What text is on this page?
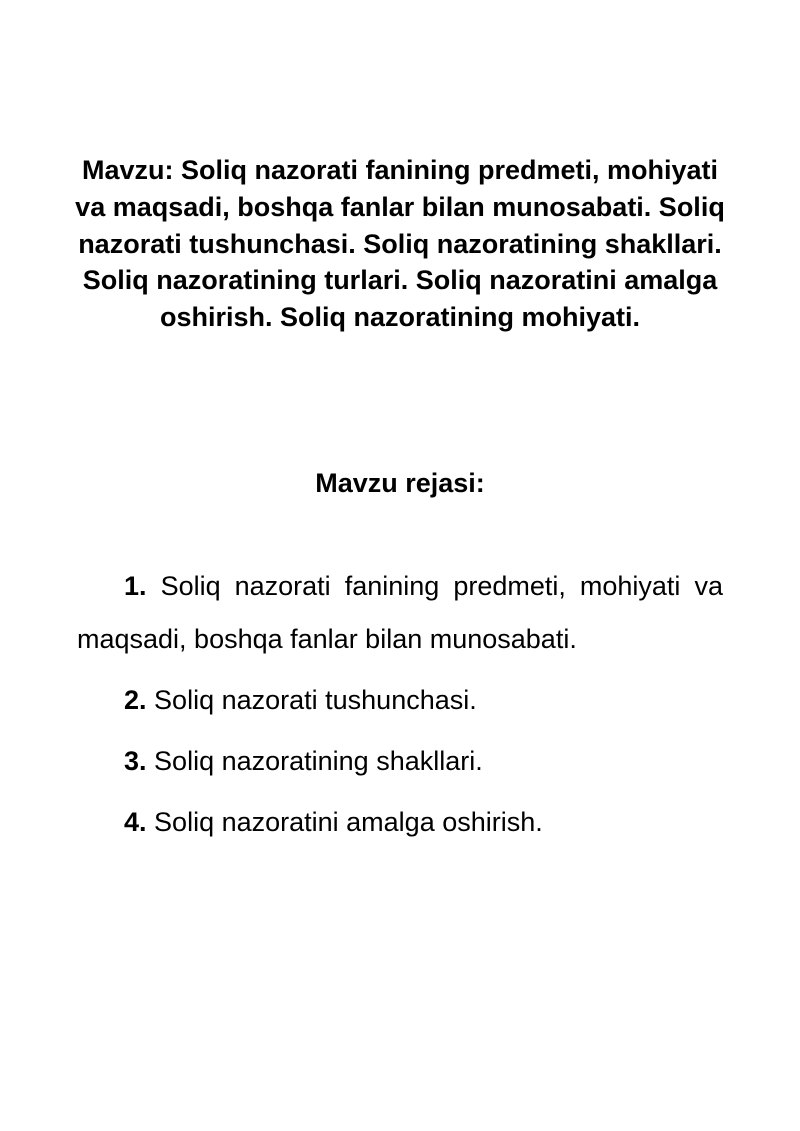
Mavzu: Soliq nazorati fanining predmeti, mohiyati va maqsadi, boshqa fanlar bilan munosabati. Soliq nazorati tushunchasi. Soliq nazoratining shakllari. Soliq nazoratining turlari. Soliq nazoratini amalga oshirish. Soliq nazoratining mohiyati.
Mavzu rejasi:
1. Soliq nazorati fanining predmeti, mohiyati va maqsadi, boshqa fanlar bilan munosabati.
2. Soliq nazorati tushunchasi.
3. Soliq nazoratining shakllari.
4. Soliq nazoratini amalga oshirish.
